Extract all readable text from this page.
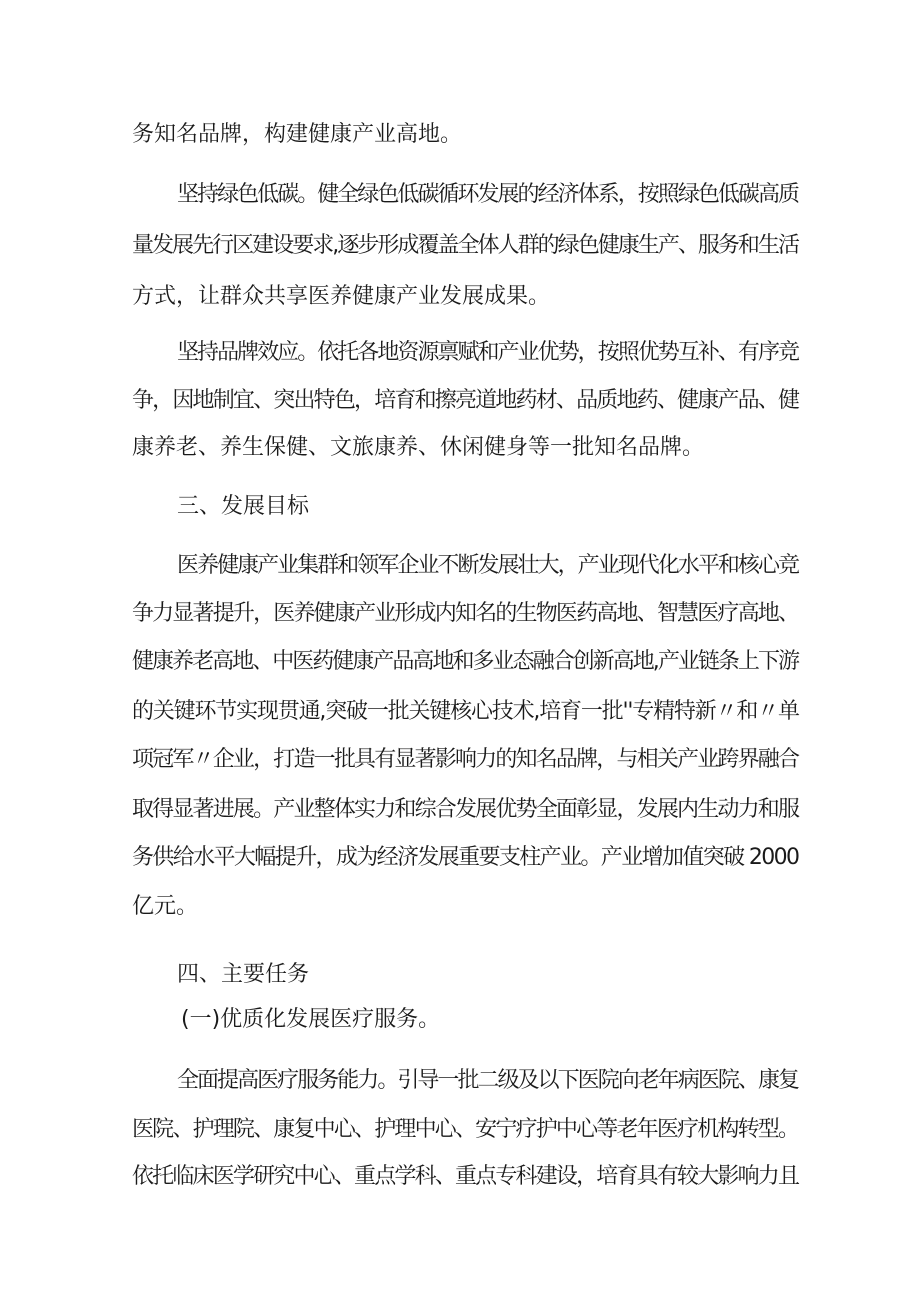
务知名品牌，构建健康产业高地。
坚持绿色低碳。健全绿色低碳循环发展的经济体系，按照绿色低碳高质
量发展先行区建设要求,逐步形成覆盖全体人群的绿色健康生产、服务和生活
方式，让群众共享医养健康产业发展成果。
坚持品牌效应。依托各地资源禀赋和产业优势，按照优势互补、有序竞
争，因地制宜、突出特色，培育和擦亮道地药材、品质地药、健康产品、健
康养老、养生保健、文旅康养、休闲健身等一批知名品牌。
三、发展目标
医养健康产业集群和领军企业不断发展壮大，产业现代化水平和核心竞
争力显著提升，医养健康产业形成内知名的生物医药高地、智慧医疗高地、
健康养老高地、中医药健康产品高地和多业态融合创新高地,产业链条上下游
的关键环节实现贯通,突破一批关键核心技术,培育一批''专精特新〃和〃单
项冠军〃企业，打造一批具有显著影响力的知名品牌，与相关产业跨界融合
取得显著进展。产业整体实力和综合发展优势全面彰显，发展内生动力和服
务供给水平大幅提升，成为经济发展重要支柱产业。产业增加值突破 2000
亿元。
四、主要任务
(一)优质化发展医疗服务。
全面提高医疗服务能力。引导一批二级及以下医院向老年病医院、康复
医院、护理院、康复中心、护理中心、安宁疗护中心等老年医疗机构转型。
依托临床医学研究中心、重点学科、重点专科建设，培育具有较大影响力且
